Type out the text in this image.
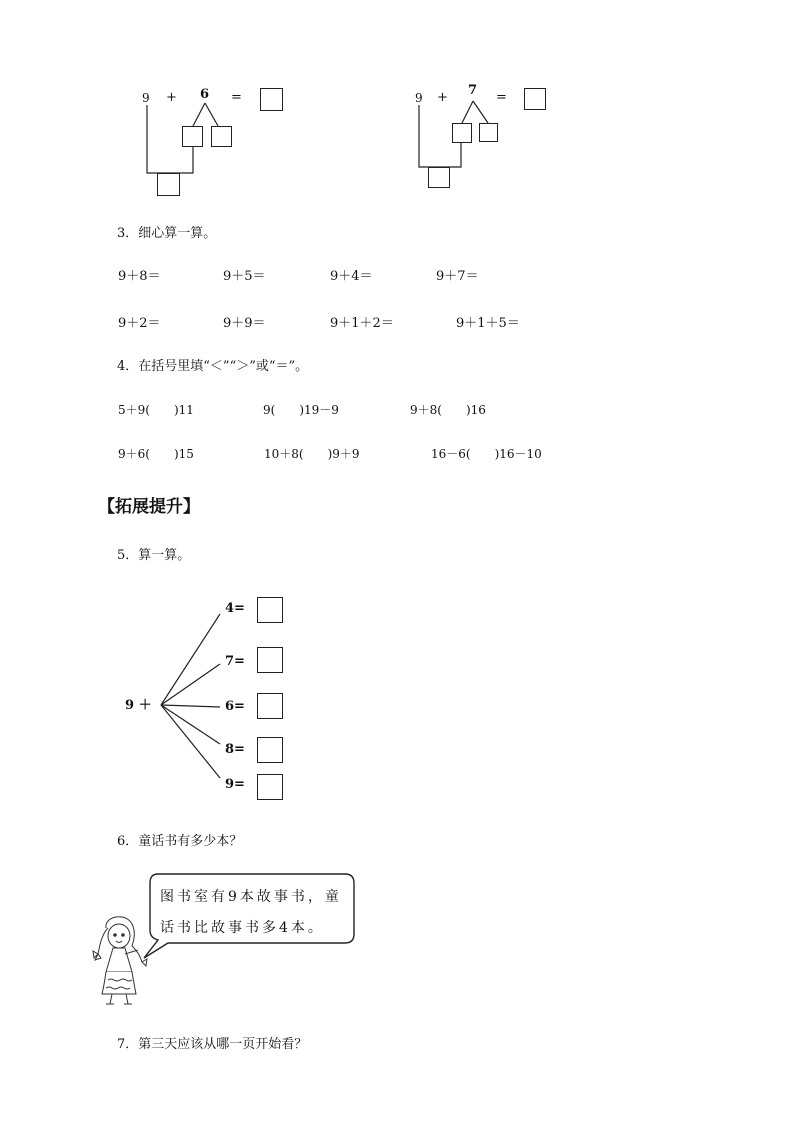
9 + 6 =	9 + 7 =
3．细心算一算。
9＋8＝	9＋5＝	9＋4＝	9＋7＝
9＋2＝	9＋9＝	9＋1＋2＝	9＋1＋5＝
4．在括号里填“＜”“＞”或“＝”。
5＋9(　　)11	9(　　)19－9	9＋8(　　)16
9＋6(　　)15	10＋8(　　)9＋9	16－6(　　)16－10
【拓展提升】
5．算一算。
9 ＋
4=
7=
6=
8=
9=
6．童话书有多少本？
图书室有9本故事书，童
话书比故事书多4本。
7．第三天应该从哪一页开始看？
